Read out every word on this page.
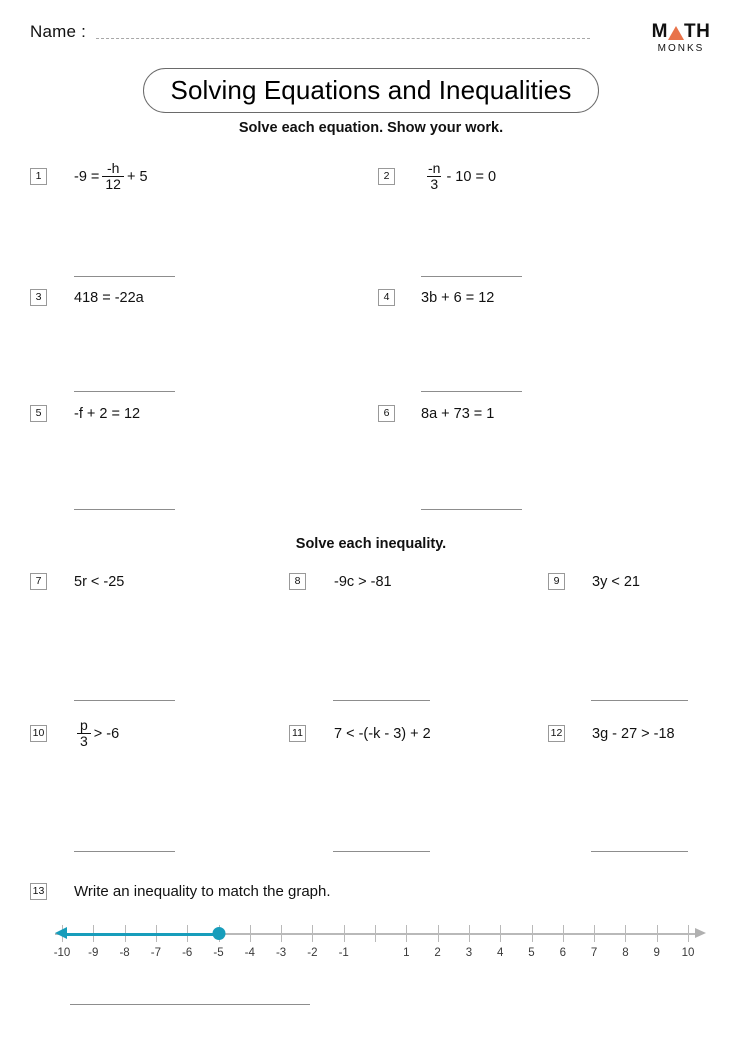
Name :	M TH
MONKS
Solving Equations and Inequalities
Solve each equation. Show your work.
Solve each inequality.
1	$-9 = \frac{-h}{12} + 5$	2	$\frac{-n}{3} - 10 = 0$
3	418 = -22a	4	3b + 6 = 12
5	-f + 2 = 12	6	8a + 73 = 1
7	5r < -25	8	-9c > -81	9	3y < 21
$10 \frac{p}{3} > -6$	11 7 < -(-k - 3) + 2	12 3g - 27 > -18
13 Write an inequality to match the graph.
-10 -9 -8 -7 -6 -5 -4 -3 -2 -1	1 2 3 4 5 6 7 8 9 10
